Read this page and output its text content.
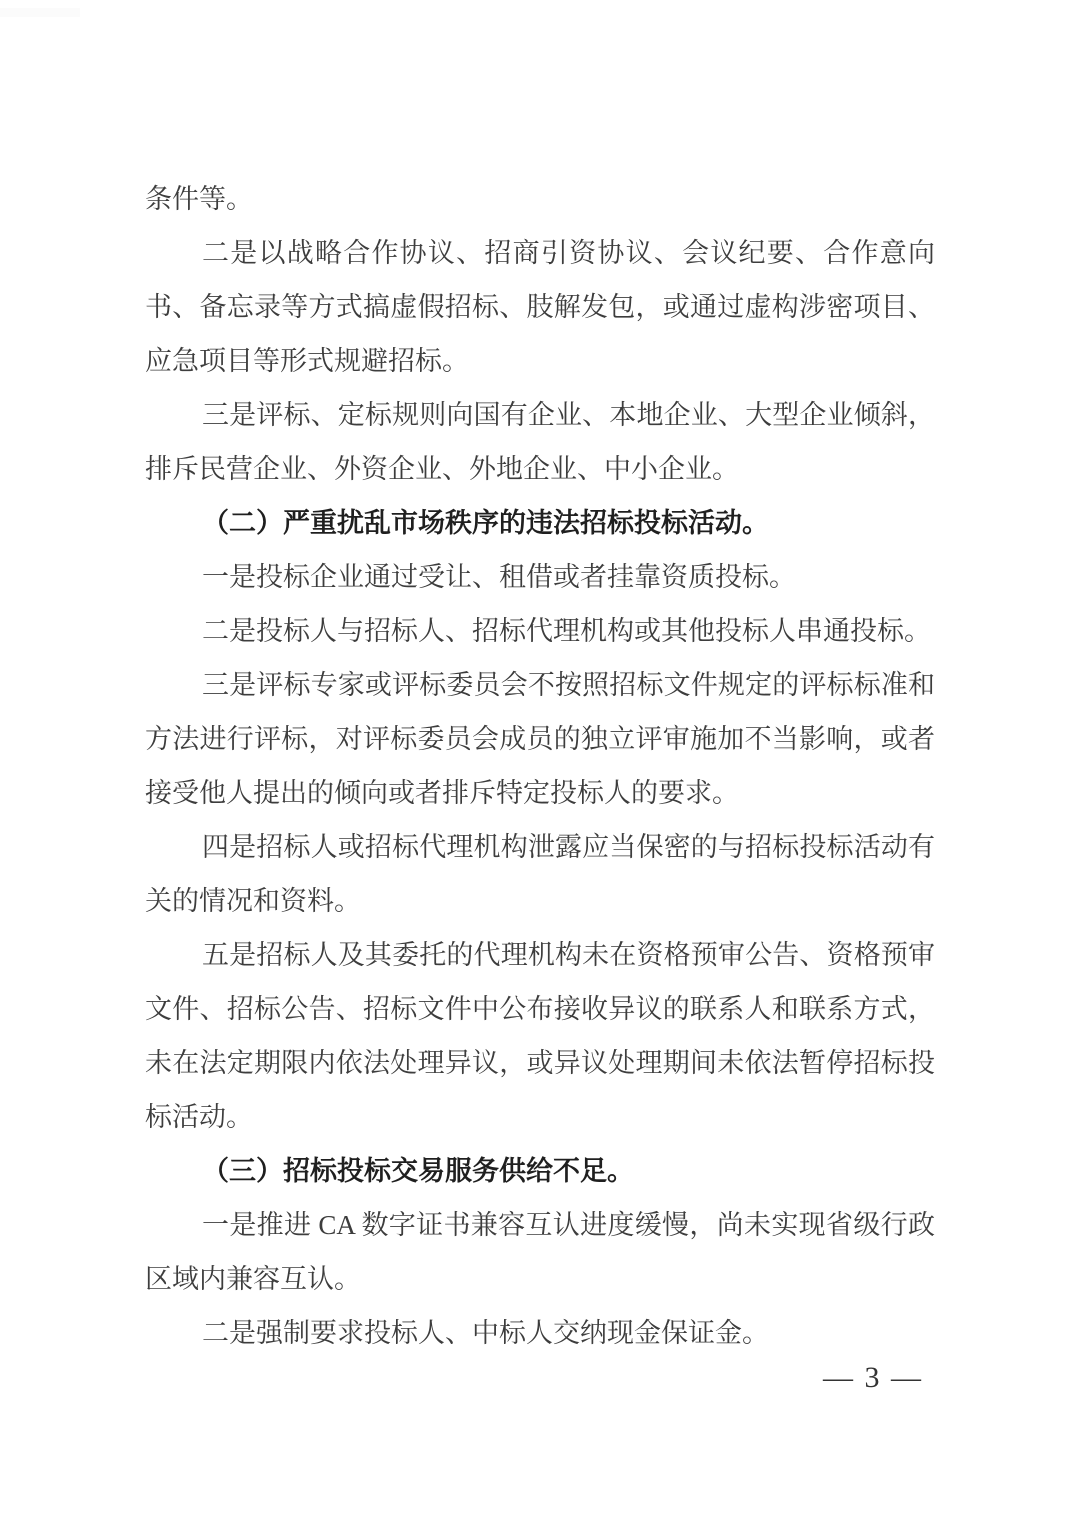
条件等。

二是以战略合作协议、招商引资协议、会议纪要、合作意向书、备忘录等方式搞虚假招标、肢解发包，或通过虚构涉密项目、应急项目等形式规避招标。

三是评标、定标规则向国有企业、本地企业、大型企业倾斜，排斥民营企业、外资企业、外地企业、中小企业。

（二）严重扰乱市场秩序的违法招标投标活动。

一是投标企业通过受让、租借或者挂靠资质投标。

二是投标人与招标人、招标代理机构或其他投标人串通投标。

三是评标专家或评标委员会不按照招标文件规定的评标标准和方法进行评标，对评标委员会成员的独立评审施加不当影响，或者接受他人提出的倾向或者排斥特定投标人的要求。

四是招标人或招标代理机构泄露应当保密的与招标投标活动有关的情况和资料。

五是招标人及其委托的代理机构未在资格预审公告、资格预审文件、招标公告、招标文件中公布接收异议的联系人和联系方式，未在法定期限内依法处理异议，或异议处理期间未依法暂停招标投标活动。

（三）招标投标交易服务供给不足。

一是推进 CA 数字证书兼容互认进度缓慢，尚未实现省级行政区域内兼容互认。

二是强制要求投标人、中标人交纳现金保证金。

— 3 —
